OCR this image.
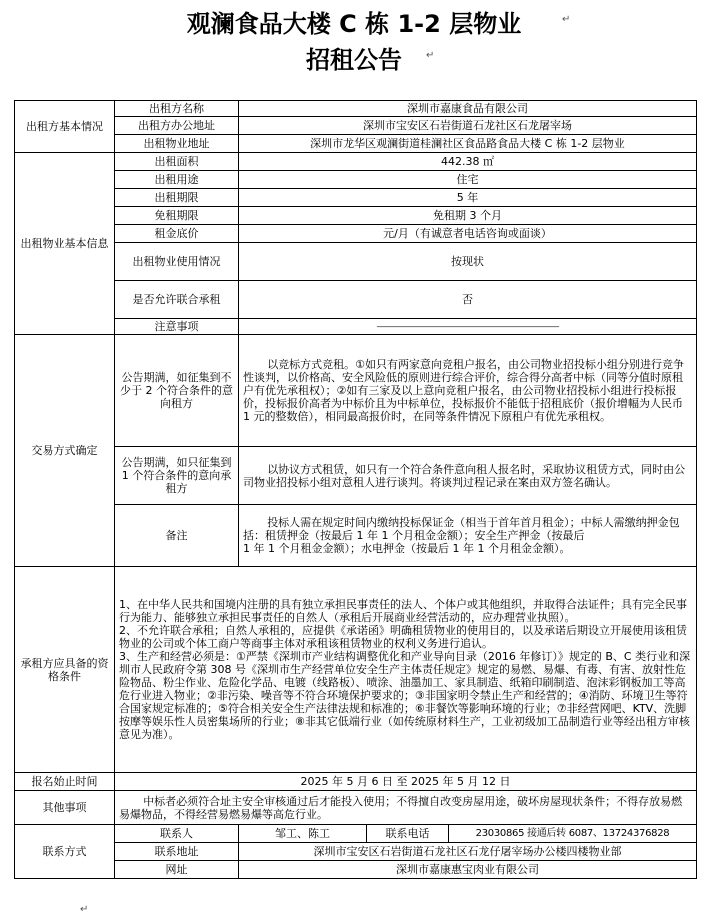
观澜食品大楼 C 栋 1-2 层物业
招租公告
出租方基本情况	出租方名称	深圳市嘉康食品有限公司		
	出租方办公地址	深圳市宝安区石岩街道石龙社区石龙屠宰场		
	出租物业地址	深圳市龙华区观澜街道桂澜社区食品路食品大楼 C 栋 1-2 层物业		
出租物业基本信息	出租面积	442.38 ㎡		
	出租用途	住宅		
	出租期限	5 年		
	免租期限	免租期 3 个月		
	租金底价	元/月（有诚意者电话咨询或面谈）		
	出租物业使用情况	按现状		
	是否允许联合承租	否		
	注意事项	——————————————————————————		
交易方式确定	公告期满，如征集到不少于 2 个符合条件的意向租方	以竞标方式竞租。①如只有两家意向竞租户报名，由公司物业招投标小组分别进行竞争性谈判，以价格高、安全风险低的原则进行综合评价，综合得分高者中标（同等分值时原租户有优先承租权）；②如有三家及以上意向竞租户报名，由公司物业招投标小组进行投标报价，投标报价高者为中标价且为中标单位，投标报价不能低于招租底价（报价增幅为人民币 1 元的整数倍），相同最高报价时，在同等条件情况下原租户有优先承租权。		
	公告期满，如只征集到 1 个符合条件的意向承租方	以协议方式租赁，如只有一个符合条件意向租人报名时，采取协议租赁方式，同时由公司物业招投标小组对意租人进行谈判。将谈判过程记录在案由双方签名确认。		
	备注	投标人需在规定时间内缴纳投标保证金（相当于首年首月租金）；中标人需缴纳押金包括：租赁押金（按最后 1 年 1 个月租金金额）；安全生产押金（按最后
1 年 1 个月租金金额）；水电押金（按最后 1 年 1 个月租金金额）。		

承租方应具备的资格条件	1、在中华人民共和国境内注册的具有独立承担民事责任的法人、个体户或其他组织，并取得合法证件；具有完全民事行为能力、能够独立承担民事责任的自然人（承租后开展商业经营活动的，应办理营业执照）。
2、不允许联合承租；自然人承租的，应提供《承诺函》明确租赁物业的使用目的，以及承诺后期设立开展使用该租赁物业的公司或个体工商户等商事主体对承租该租赁物业的权利义务进行追认。
3、生产和经营必须是：①严禁《深圳市产业结构调整优化和产业导向目录（2016 年修订）》规定的 B、C 类行业和深圳市人民政府令第 308 号《深圳市生产经营单位安全生产主体责任规定》规定的易燃、易爆、有毒、有害、放射性危险物品、粉尘作业、危险化学品、电镀（线路板）、喷涂、油墨加工、家具制造、纸箱印刷制造、泡沫彩钢板加工等高危行业进入物业；②非污染、噪音等不符合环境保护要求的；③非国家明令禁止生产和经营的；④消防、环境卫生等符合国家规定标准的；⑤符合相关安全生产法律法规和标准的；⑥非餐饮等影响环境的行业；⑦非经营网吧、KTV、洗脚按摩等娱乐性人员密集场所的行业；⑧非其它低端行业（如传统原材料生产，工业初级加工品制造行业等经出租方审核意见为准）。			

报名始止时间	2025 年 5 月 6 日 至 2025 年 5 月 12 日			
其他事项	中标者必须符合址主安全审核通过后才能投入使用；不得擅自改变房屋用途，破坏房屋现状条件；不得存放易燃易爆物品，不得经营易燃易爆等高危行业。			
联系方式	联系人	邹工、陈工	联系电话	23030865 接通后转 6087、13724376828
	联系地址	深圳市宝安区石岩街道石龙社区石龙仔屠宰场办公楼四楼物业部		
	网址	深圳市嘉康惠宝肉业有限公司		
↵
↵
↵
